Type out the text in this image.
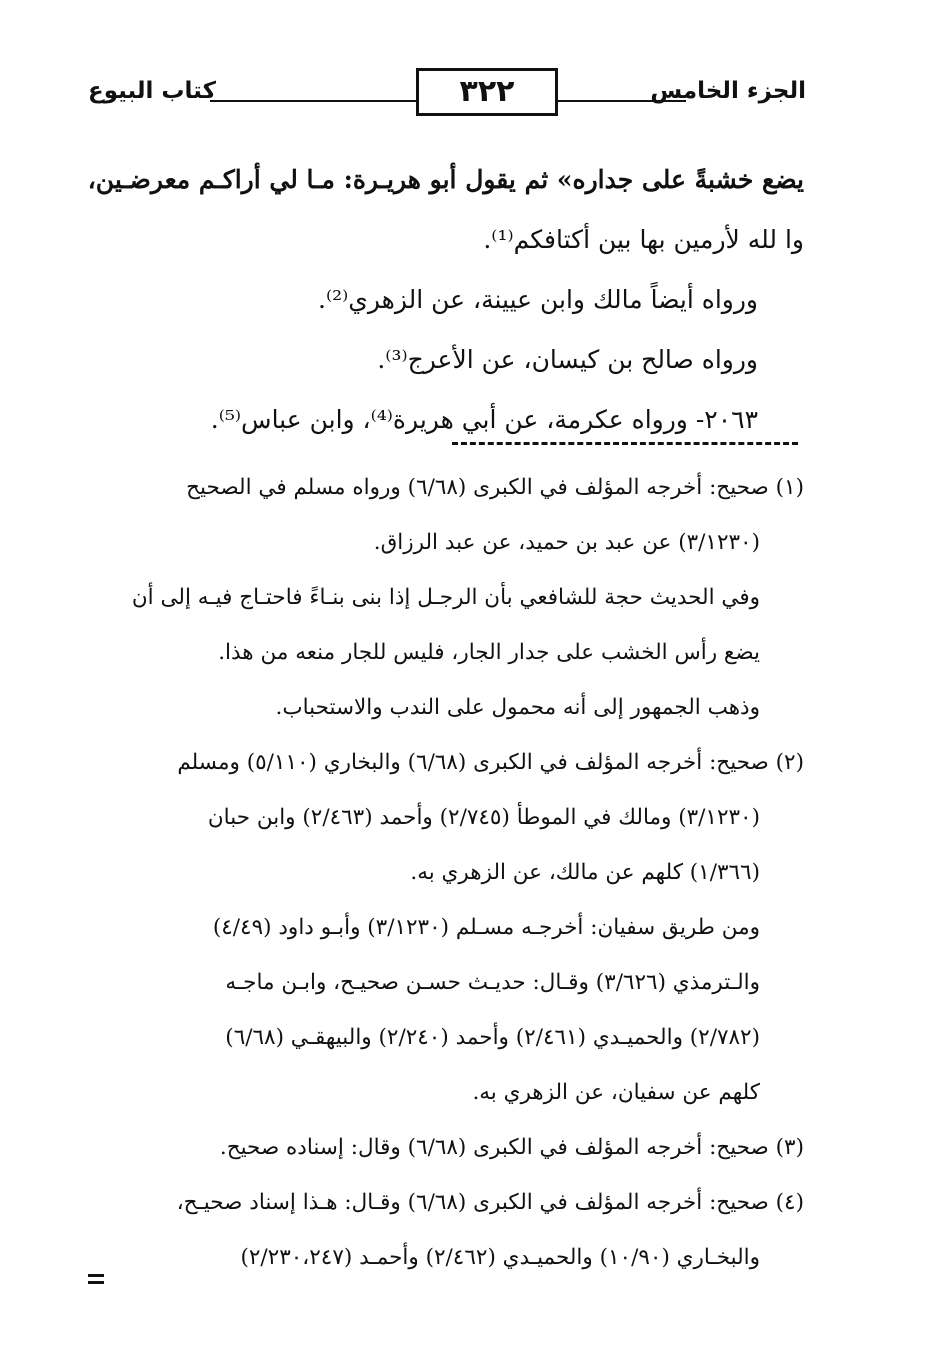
الجزء الخامس
كتاب البيوع	٣٢٢
يضع خشبةً على جداره» ثم يقول أبو هريـرة: مـا لي أراكـم معرضـين،
وا لله لأرمين بها بين أكتافكم⁽¹⁾.
ورواه أيضاً مالك وابن عيينة، عن الزهري⁽²⁾.
ورواه صالح بن كيسان، عن الأعرج⁽³⁾.
٢٠٦٣- ورواه عكرمة، عن أبي هريرة⁽⁴⁾، وابن عباس⁽⁵⁾.
(١) صحيح: أخرجه المؤلف في الكبرى (٦/٦٨) ورواه مسلم في الصحيح
(٣/١٢٣٠) عن عبد بن حميد، عن عبد الرزاق.
وفي الحديث حجة للشافعي بأن الرجـل إذا بنى بنـاءً فاحتـاج فيـه إلى أن
يضع رأس الخشب على جدار الجار، فليس للجار منعه من هذا.
وذهب الجمهور إلى أنه محمول على الندب والاستحباب.
(٢) صحيح: أخرجه المؤلف في الكبرى (٦/٦٨) والبخاري (٥/١١٠) ومسلم
(٣/١٢٣٠) ومالك في الموطأ (٢/٧٤٥) وأحمد (٢/٤٦٣) وابن حبان
(١/٣٦٦) كلهم عن مالك، عن الزهري به.
ومن طريق سفيان: أخرجـه مسـلم (٣/١٢٣٠) وأبـو داود (٤/٤٩)
والـترمذي (٣/٦٢٦) وقـال: حديـث حسـن صحيـح، وابـن ماجـه
(٢/٧٨٢) والحميـدي (٢/٤٦١) وأحمد (٢/٢٤٠) والبيهقـي (٦/٦٨)
كلهم عن سفيان، عن الزهري به.
(٣) صحيح: أخرجه المؤلف في الكبرى (٦/٦٨) وقال: إسناده صحيح.
(٤) صحيح: أخرجه المؤلف في الكبرى (٦/٦٨) وقـال: هـذا إسناد صحيـح،
والبخـاري (١٠/٩٠) والحميـدي (٢/٤٦٢) وأحمـد (٢/٢٣٠،٢٤٧)
